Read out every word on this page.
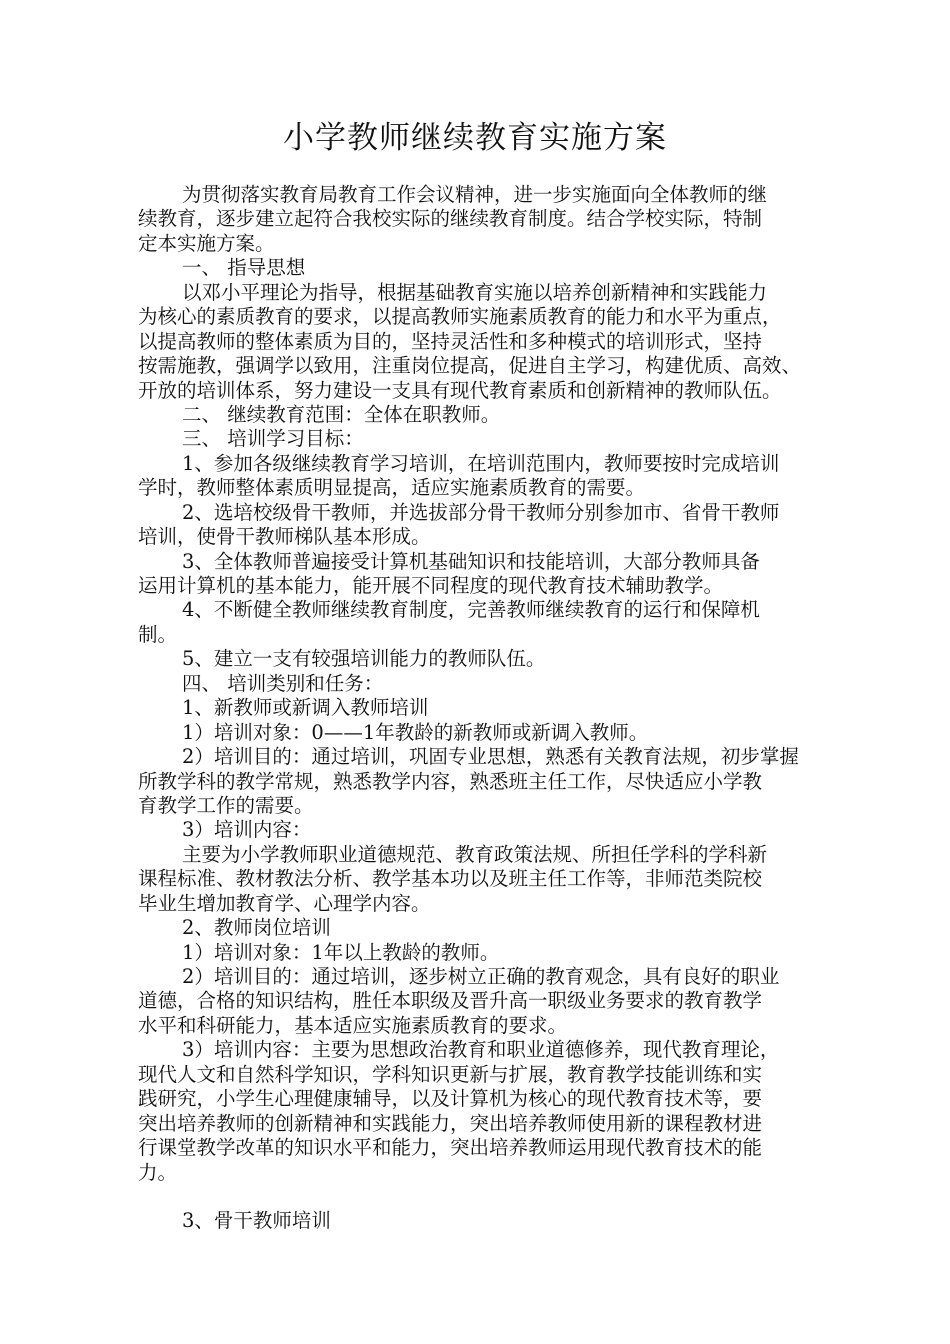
小学教师继续教育实施方案
为贯彻落实教育局教育工作会议精神，进一步实施面向全体教师的继
续教育，逐步建立起符合我校实际的继续教育制度。结合学校实际，特制
定本实施方案。
一、 指导思想
以邓小平理论为指导，根据基础教育实施以培养创新精神和实践能力
为核心的素质教育的要求，以提高教师实施素质教育的能力和水平为重点，
以提高教师的整体素质为目的，坚持灵活性和多种模式的培训形式，坚持
按需施教，强调学以致用，注重岗位提高，促进自主学习，构建优质、高效、
开放的培训体系，努力建设一支具有现代教育素质和创新精神的教师队伍。
二、 继续教育范围：全体在职教师。
三、 培训学习目标：
1、参加各级继续教育学习培训，在培训范围内，教师要按时完成培训
学时，教师整体素质明显提高，适应实施素质教育的需要。
2、选培校级骨干教师，并选拔部分骨干教师分别参加市、省骨干教师
培训，使骨干教师梯队基本形成。
3、全体教师普遍接受计算机基础知识和技能培训，大部分教师具备
运用计算机的基本能力，能开展不同程度的现代教育技术辅助教学。
4、不断健全教师继续教育制度，完善教师继续教育的运行和保障机
制。
5、建立一支有较强培训能力的教师队伍。
四、 培训类别和任务：
1、新教师或新调入教师培训
1）培训对象：0——1年教龄的新教师或新调入教师。
2）培训目的：通过培训，巩固专业思想，熟悉有关教育法规，初步掌握
所教学科的教学常规，熟悉教学内容，熟悉班主任工作，尽快适应小学教
育教学工作的需要。
3）培训内容：
主要为小学教师职业道德规范、教育政策法规、所担任学科的学科新
课程标准、教材教法分析、教学基本功以及班主任工作等，非师范类院校
毕业生增加教育学、心理学内容。
2、教师岗位培训
1）培训对象：1年以上教龄的教师。
2）培训目的：通过培训，逐步树立正确的教育观念，具有良好的职业
道德，合格的知识结构，胜任本职级及晋升高一职级业务要求的教育教学
水平和科研能力，基本适应实施素质教育的要求。
3）培训内容：主要为思想政治教育和职业道德修养，现代教育理论，
现代人文和自然科学知识，学科知识更新与扩展，教育教学技能训练和实
践研究，小学生心理健康辅导，以及计算机为核心的现代教育技术等，要
突出培养教师的创新精神和实践能力，突出培养教师使用新的课程教材进
行课堂教学改革的知识水平和能力，突出培养教师运用现代教育技术的能
力。
3、骨干教师培训
